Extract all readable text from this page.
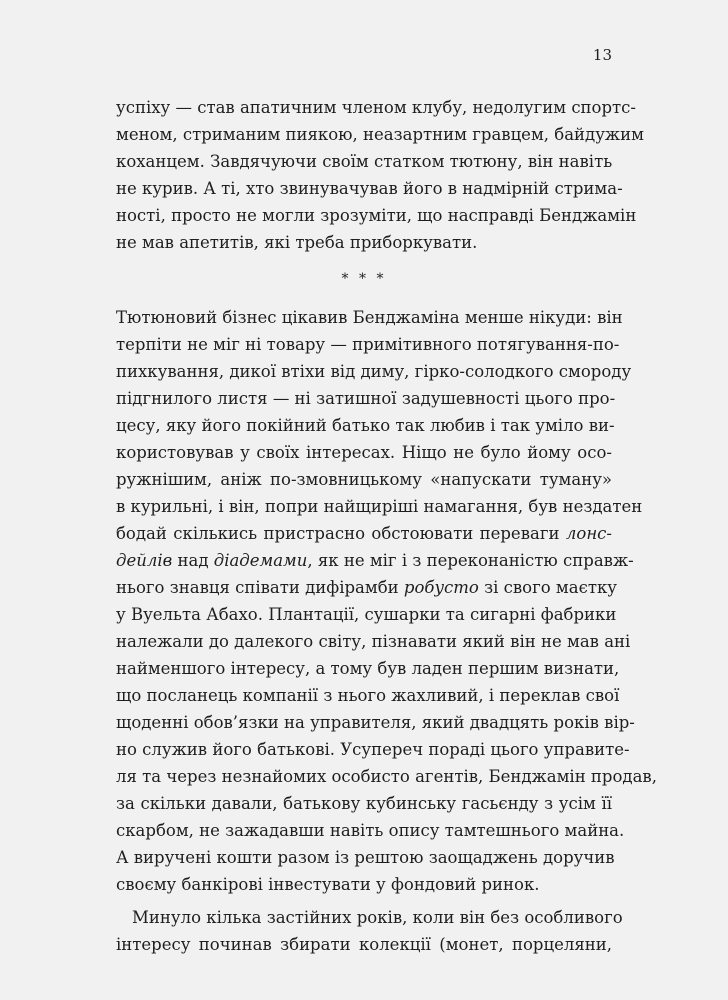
13
успіху — став апатичним членом клубу, недолугим спортс-
меном, стриманим пиякою, неазартним гравцем, байдужим
коханцем. Завдячуючи своїм статком тютюну, він навіть
не курив. А ті, хто звинувачував його в надмірній стрима-
ності, просто не могли зрозуміти, що насправді Бенджамін
не мав апетитів, які треба приборкувати.
* * *
Тютюновий бізнес цікавив Бенджаміна менше нікуди: він
терпіти не міг ні товару — примітивного потягування-по-
пихкування, дикої втіхи від диму, гірко-солодкого смороду
підгнилого листя — ні затишної задушевності цього про-
цесу, яку його покійний батько так любив і так уміло ви-
користовував у своїх інтересах. Ніщо не було йому осо-
ружнішим, аніж по-змовницькому «напускати туману»
в курильні, і він, попри найщиріші намагання, був нездатен
бодай скількись пристрасно обстоювати переваги лонс-
дейлів над діадемами, як не міг і з переконаністю справж-
нього знавця співати дифірамби робусто зі свого маєтку
у Вуельта Абахо. Плантації, сушарки та сигарні фабрики
належали до далекого світу, пізнавати який він не мав ані
найменшого інтересу, а тому був ладен першим визнати,
що посланець компанії з нього жахливий, і переклав свої
щоденні обов’язки на управителя, який двадцять років вір-
но служив його батькові. Усупереч пораді цього управите-
ля та через незнайомих особисто агентів, Бенджамін продав,
за скільки давали, батькову кубинську гасьєнду з усім її
скарбом, не зажадавши навіть опису тамтешнього майна.
А виручені кошти разом із рештою заощаджень доручив
своєму банкірові інвестувати у фондовий ринок.
Минуло кілька застійних років, коли він без особливого
інтересу починав збирати колекції (монет, порцеляни,
